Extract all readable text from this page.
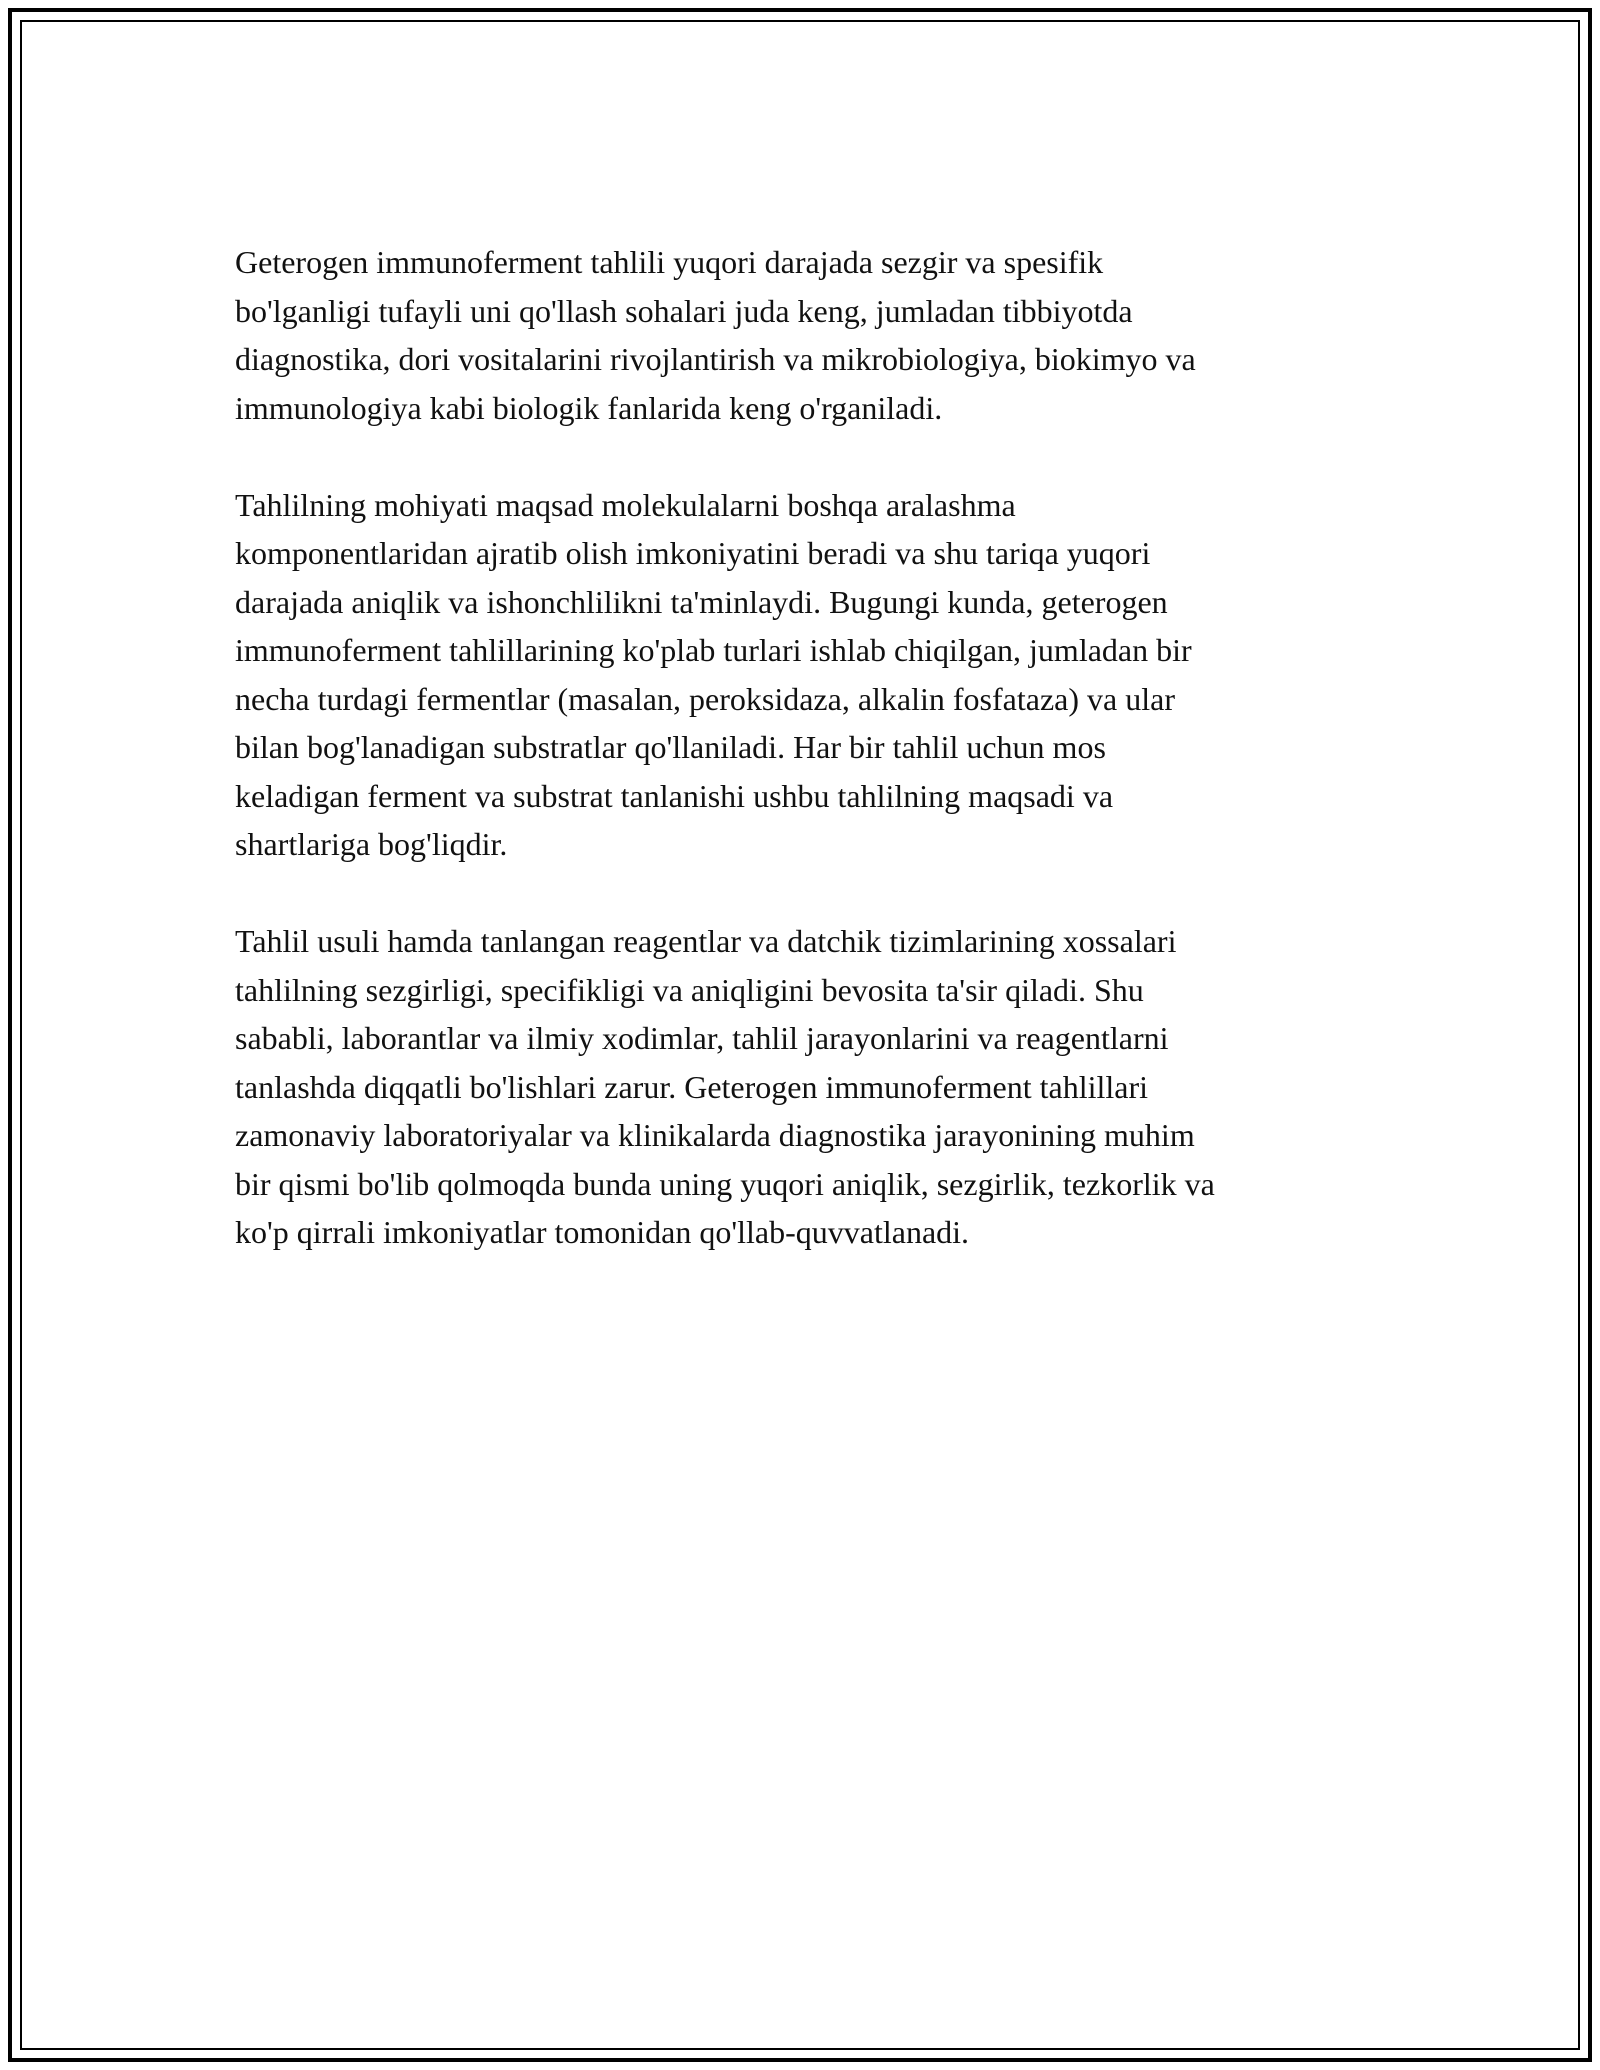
Geterogen immunoferment tahlili yuqori darajada sezgir va spesifik
bo'lganligi tufayli uni qo'llash sohalari juda keng, jumladan tibbiyotda
diagnostika, dori vositalarini rivojlantirish va mikrobiologiya, biokimyo va
immunologiya kabi biologik fanlarida keng o'rganiladi.

Tahlilning mohiyati maqsad molekulalarni boshqa aralashma
komponentlaridan ajratib olish imkoniyatini beradi va shu tariqa yuqori
darajada aniqlik va ishonchlilikni ta'minlaydi. Bugungi kunda, geterogen
immunoferment tahlillarining ko'plab turlari ishlab chiqilgan, jumladan bir
necha turdagi fermentlar (masalan, peroksidaza, alkalin fosfataza) va ular
bilan bog'lanadigan substratlar qo'llaniladi. Har bir tahlil uchun mos
keladigan ferment va substrat tanlanishi ushbu tahlilning maqsadi va
shartlariga bog'liqdir.

Tahlil usuli hamda tanlangan reagentlar va datchik tizimlarining xossalari
tahlilning sezgirligi, specifikligi va aniqligini bevosita ta'sir qiladi. Shu
sababli, laborantlar va ilmiy xodimlar, tahlil jarayonlarini va reagentlarni
tanlashda diqqatli bo'lishlari zarur. Geterogen immunoferment tahlillari
zamonaviy laboratoriyalar va klinikalarda diagnostika jarayonining muhim
bir qismi bo'lib qolmoqda bunda uning yuqori aniqlik, sezgirlik, tezkorlik va
ko'p qirrali imkoniyatlar tomonidan qo'llab-quvvatlanadi.
